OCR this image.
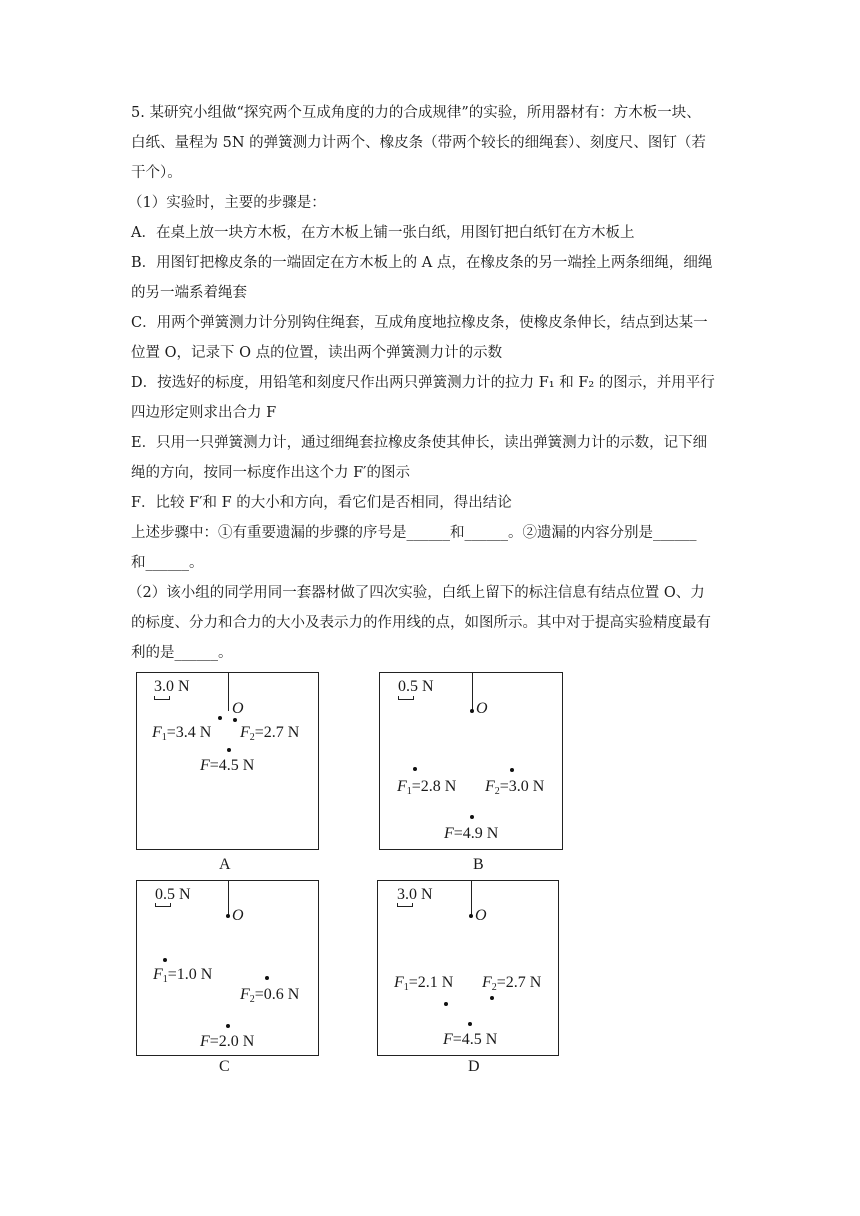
5. 某研究小组做“探究两个互成角度的力的合成规律”的实验，所用器材有：方木板一块、
白纸、量程为 5N 的弹簧测力计两个、橡皮条（带两个较长的细绳套）、刻度尺、图钉（若
干个）。
（1）实验时，主要的步骤是：
A．在桌上放一块方木板，在方木板上铺一张白纸，用图钉把白纸钉在方木板上
B．用图钉把橡皮条的一端固定在方木板上的 A 点，在橡皮条的另一端拴上两条细绳，细绳
的另一端系着绳套
C．用两个弹簧测力计分别钩住绳套，互成角度地拉橡皮条，使橡皮条伸长，结点到达某一
位置 O，记录下 O 点的位置，读出两个弹簧测力计的示数
D．按选好的标度，用铅笔和刻度尺作出两只弹簧测力计的拉力 F₁ 和 F₂ 的图示，并用平行
四边形定则求出合力 F
E．只用一只弹簧测力计，通过细绳套拉橡皮条使其伸长，读出弹簧测力计的示数，记下细
绳的方向，按同一标度作出这个力 F′的图示
F．比较 F′和 F 的大小和方向，看它们是否相同，得出结论
上述步骤中：①有重要遗漏的步骤的序号是______和______。②遗漏的内容分别是______
和______。
（2）该小组的同学用同一套器材做了四次实验，白纸上留下的标注信息有结点位置 O、力
的标度、分力和合力的大小及表示力的作用线的点，如图所示。其中对于提高实验精度最有
利的是______。
3.0 N
O
$F_1=3.4$ N $F_2=2.7$ N
F=4.5 N
A
0.5 N
O
$F_1=2.8$ N $F_2=3.0$ N
F=4.9 N
B
0.5 N
O
$F_1=1.0$ N
$F_2=0.6$ N
F=2.0 N
C
3.0 N
O
$F_1=2.1$ N $F_2=2.7$ N
F=4.5 N
D
